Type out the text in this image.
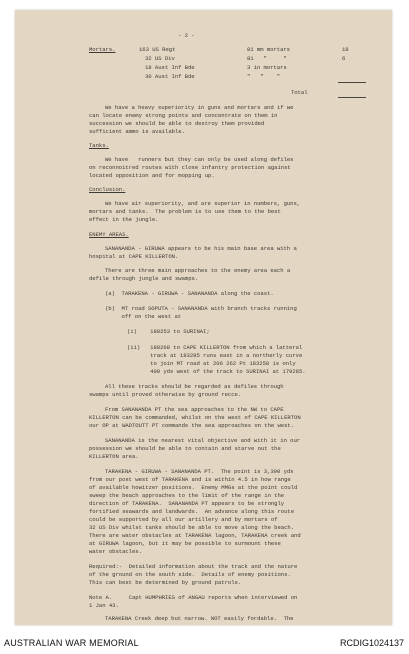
- 2 -
Mortars.	163 US Regt	81 mm mortars	18
32 US Div	81   "     "	6
18 Aust Inf Bde	3 in mortars
30 Aust Inf Bde	"   "    "
Total
We have a heavy superiority in guns and mortars and if we
can locate enemy strong points and concentrate on them in
succession we should be able to destroy them provided
sufficient ammo is available.
Tanks.
We have   runners but they can only be used along defiles
on reconnoitred routes with close infantry protection against
located opposition and for mopping up.
Conclusion.
We have air superiority, and are superior in numbers, guns,
mortars and tanks.  The problem is to use them to the best
effect in the jungle.
ENEMY AREAS.
SANANANDA - GIRUWA appears to be his main base area with a
hospital at CAPE KILLERTON.
There are three main approaches to the enemy area each a
defile through jungle and swamps.
(a)  TARAKENA - GIRUWA - SANANANDA along the coast.
(b)  MT road SOPUTA - SANANANDA with branch tracks running
off on the west at
(i)    188253 to SURINAI;
(ii)   188268 to CAPE KILLERTON from which a latteral
track at 183285 runs east in a northerly curve
to join MT road at 206 262 Pt 183258 is only
400 yds west of the track to SURINAI at 179285.
All these tracks should be regarded as defiles through
swamps until proved otherwise by ground recce.
From SANANANDA PT the sea approaches to the NW to CAPE
KILLERTON can be commanded, whilst on the west of CAPE KILLERTON
our OP at WADTOUTT PT commands the sea approaches on the west.
SANANANDA is the nearest vital objective and with it in our
possession we should be able to contain and starve out the
KILLERTON area.
TARAKENA - GIRUWA - SANANANDA PT.  The point is 3,300 yds
from our post west of TARAKENA and is within 4.5 in how range
of available howitzer positions.  Enemy MMGs at the point could
sweep the beach approaches to the limit of the range in the
direction of TARAKENA.  SANANANDA PT appears to be strongly
fortified seawards and landwards.  An advance along this route
could be supported by all our artillery and by mortars of
32 US Div whilst tanks should be able to move along the beach.
There are water obstacles at TARAKENA lagoon, TARAKENA creek and
at GIRUWA lagoon, but it may be possible to surmount these
water obstacles.
Required:-  Detailed information about the track and the nature
of the ground on the south side.  Details of enemy positions.
This can best be determined by ground patrols.
Note A.     Capt HUMPHRIES of ANGAU reports when interviewed on
1 Jan 43.
TARAKENA Creek deep but narrow. NOT easily fordable.  The
AUSTRALIAN WAR MEMORIAL	RCDIG1024137
